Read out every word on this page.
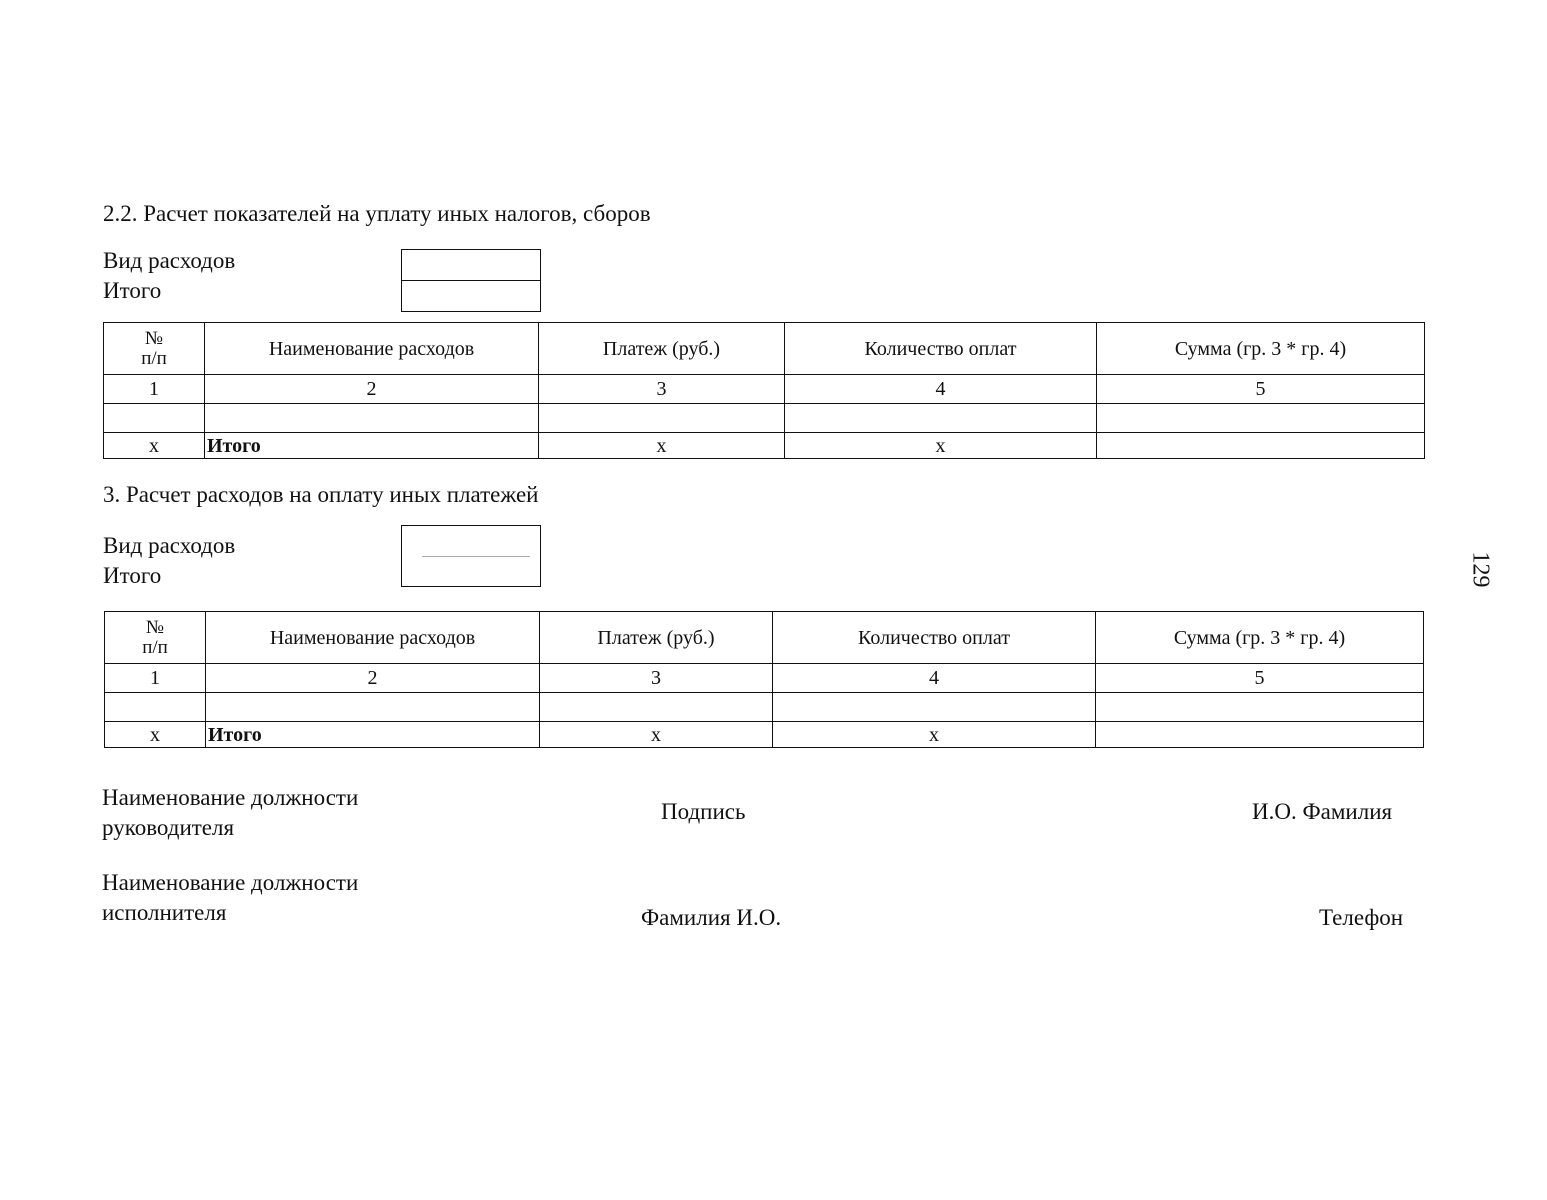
2.2. Расчет показателей на уплату иных налогов, сборов
Вид расходов
Итого
№
п/п	Наименование расходов	Платеж (руб.)	Количество оплат	Сумма (гр. 3 * гр. 4)
1	2	3	4	5

x	Итого	x	x	
3. Расчет расходов на оплату иных платежей
Вид расходов
Итого
№
п/п	Наименование расходов	Платеж (руб.)	Количество оплат	Сумма (гр. 3 * гр. 4)
1	2	3	4	5

x	Итого	x	x	
Наименование должности
руководителя
Подпись	И.О. Фамилия
Наименование должности
исполнителя	Фамилия И.О.	Телефон
129
